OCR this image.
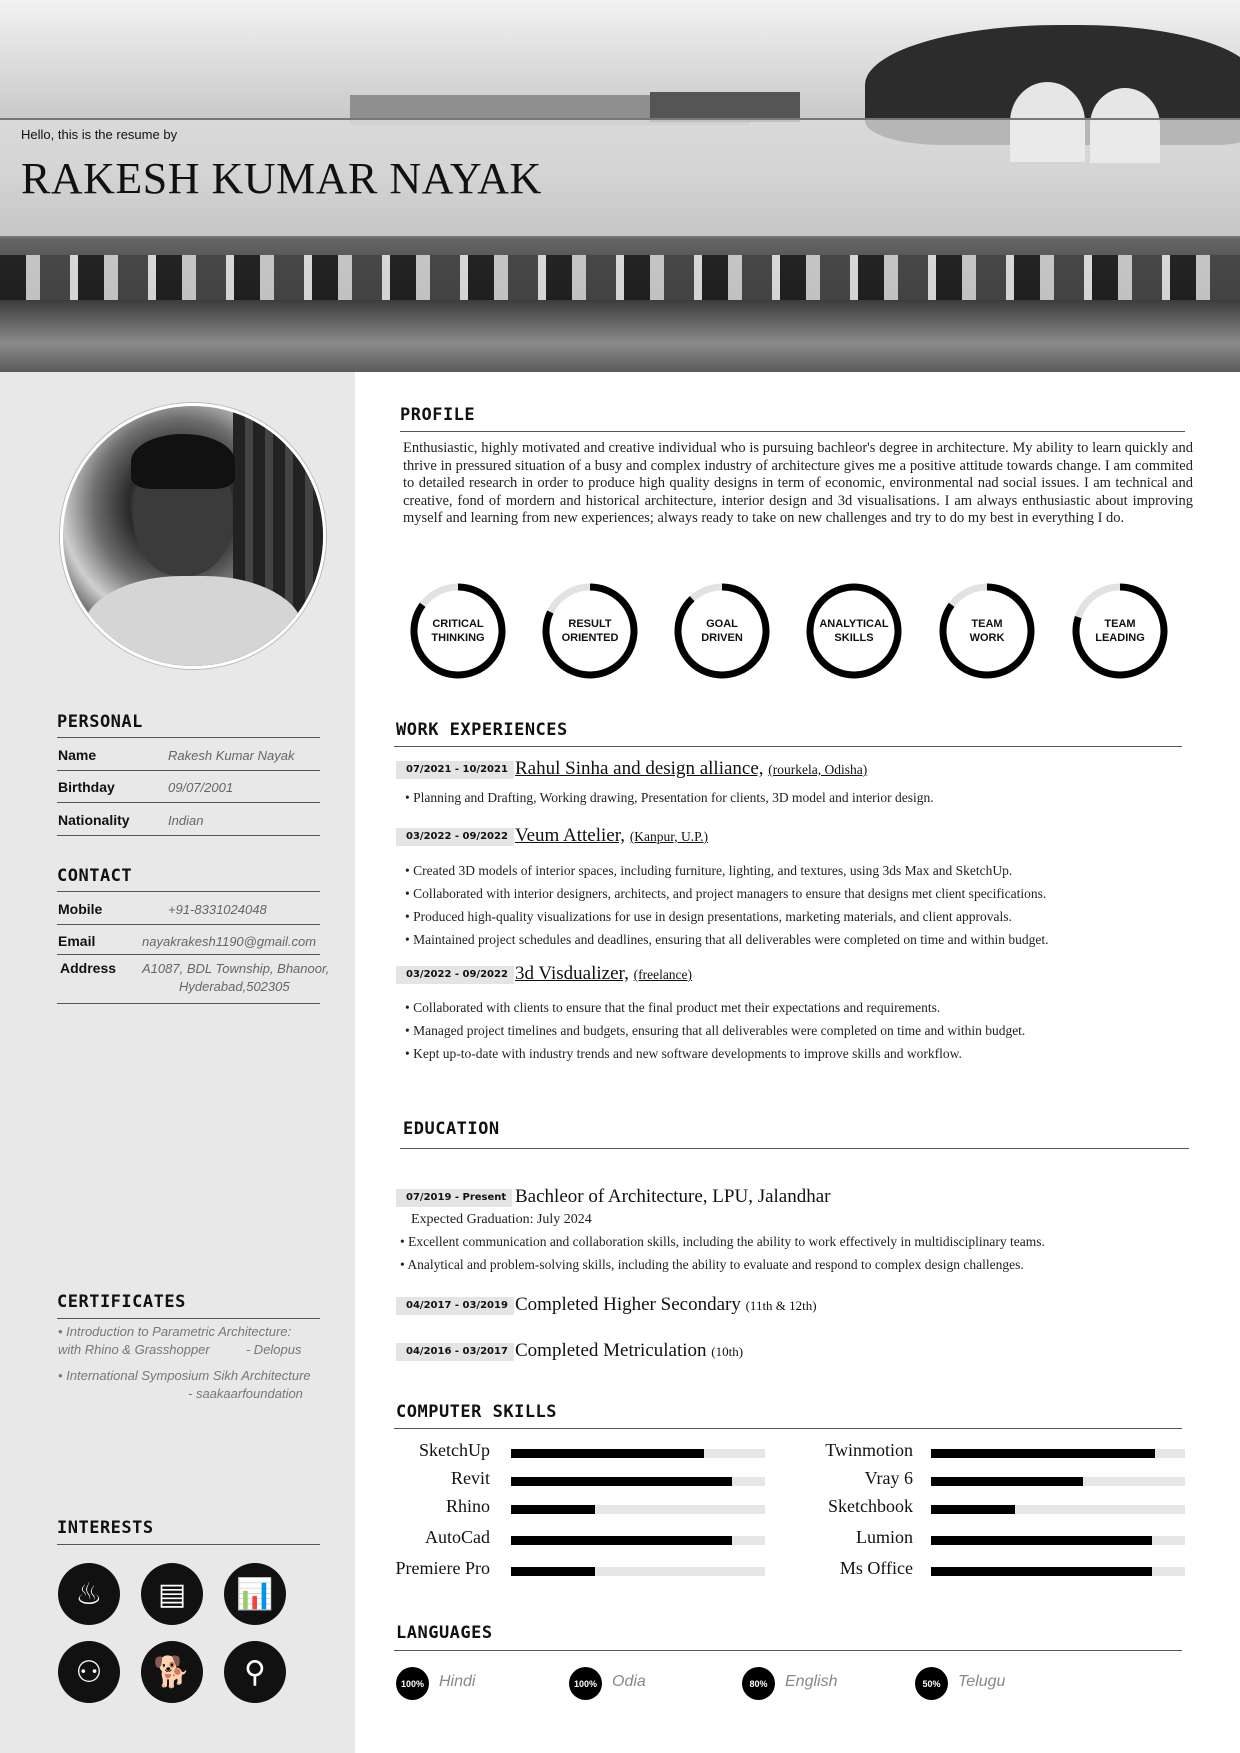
Hello, this is the resume by
RAKESH KUMAR NAYAK
PERSONAL
Name	Rakesh Kumar Nayak
Birthday	09/07/2001
Nationality	Indian
CONTACT
Mobile	+91-8331024048
Email	nayakrakesh1190@gmail.com
Address A1087, BDL Township, Bhanoor,
Hyderabad,502305
CERTIFICATES
• Introduction to Parametric Architecture:
with Rhino & Grasshopper          - Delopus
• International Symposium Sikh Architecture
- saakaarfoundation
INTERESTS
♨	▤	📊
⚇	🐕	⚲
PROFILE
Enthusiastic, highly motivated and creative individual who is pursuing bachleor's degree in architecture. My ability to learn quickly and thrive in pressured situation of a busy and complex industry of architecture gives me a positive attitude towards change. I am commited to detailed research in order to produce high quality designs in term of economic, environmental nad social issues. I am technical and creative, fond of mordern and historical architecture, interior design and 3d visualisations. I am always enthusiastic about improving myself and learning from new experiences; always ready to take on new challenges and try to do my best in everything I do.
CRITICAL
THINKING
RESULT
ORIENTED
GOAL
DRIVEN
ANALYTICAL
SKILLS
TEAM
WORK
TEAM
LEADING
WORK EXPERIENCES
07/2021 - 10/2021 Rahul Sinha and design alliance, (rourkela, Odisha)
• Planning and Drafting, Working drawing, Presentation for clients, 3D model and interior design.
03/2022 - 09/2022 Veum Attelier, (Kanpur, U.P.)
• Created 3D models of interior spaces, including furniture, lighting, and textures, using 3ds Max and SketchUp.
• Collaborated with interior designers, architects, and project managers to ensure that designs met client specifications.
• Produced high-quality visualizations for use in design presentations, marketing materials, and client approvals.
• Maintained project schedules and deadlines, ensuring that all deliverables were completed on time and within budget.
03/2022 - 09/2022 3d Visdualizer, (freelance)
• Collaborated with clients to ensure that the final product met their expectations and requirements.
• Managed project timelines and budgets, ensuring that all deliverables were completed on time and within budget.
• Kept up-to-date with industry trends and new software developments to improve skills and workflow.
EDUCATION
07/2019 - Present Bachleor of Architecture, LPU, Jalandhar
Expected Graduation: July 2024
• Excellent communication and collaboration skills, including the ability to work effectively in multidisciplinary teams.
• Analytical and problem-solving skills, including the ability to evaluate and respond to complex design challenges.
04/2017 - 03/2019 Completed Higher Secondary (11th & 12th)
04/2016 - 03/2017 Completed Metriculation (10th)
COMPUTER SKILLS
SketchUp
Revit
Rhino
AutoCad
Premiere Pro
Twinmotion
Vray 6
Sketchbook
Lumion
Ms Office
LANGUAGES
100% Hindi	100% Odia	80%	English	50%	Telugu
